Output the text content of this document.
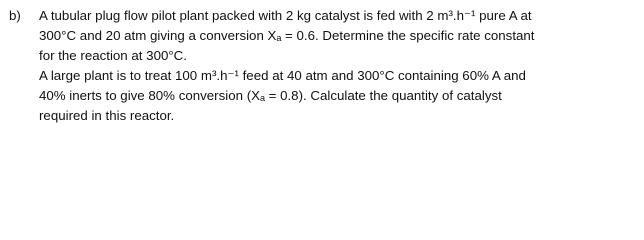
b) A tubular plug flow pilot plant packed with 2 kg catalyst is fed with 2 m³.h⁻¹ pure A at
300°C and 20 atm giving a conversion Xₐ = 0.6. Determine the specific rate constant
for the reaction at 300°C.
A large plant is to treat 100 m³.h⁻¹ feed at 40 atm and 300°C containing 60% A and
40% inerts to give 80% conversion (Xₐ = 0.8). Calculate the quantity of catalyst
required in this reactor.
